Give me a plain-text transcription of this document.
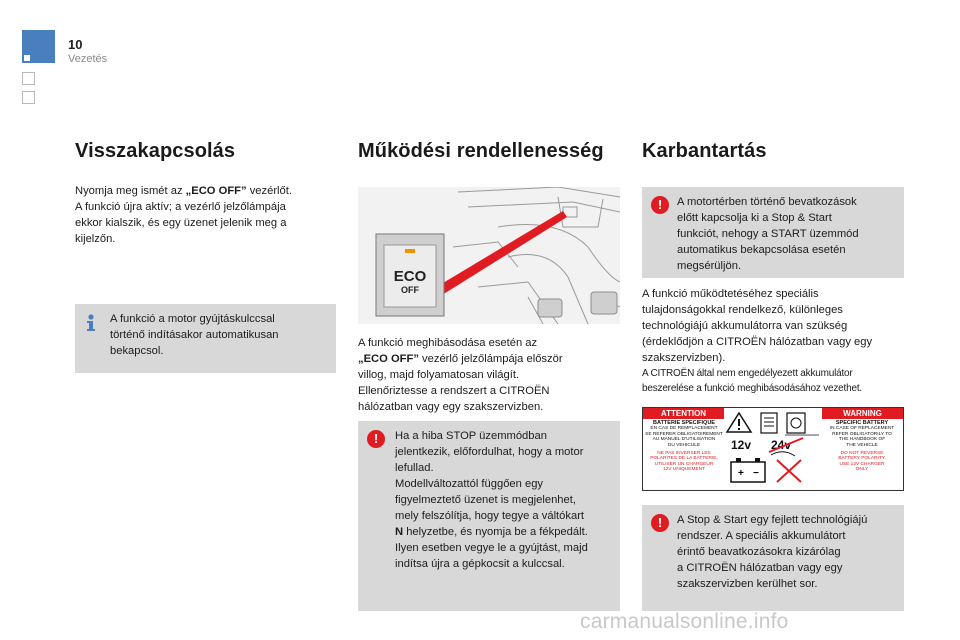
10
Vezetés
Visszakapcsolás
Nyomja meg ismét az „ECO OFF” vezérlőt.
A funkció újra aktív; a vezérlő jelzőlámpája
ekkor kialszik, és egy üzenet jelenik meg a
kijelzőn.
A funkció a motor gyújtáskulccsal
történő indításakor automatikusan
bekapcsol.
Működési rendellenesség
ECO
OFF
A funkció meghibásodása esetén az
„ECO OFF” vezérlő jelzőlámpája először
villog, majd folyamatosan világít.
Ellenőriztesse a rendszert a CITROËN
hálózatban vagy egy szakszervizben.
!	Ha a hiba STOP üzemmódban
jelentkezik, előfordulhat, hogy a motor
lefullad.
Modellváltozattól függően egy
figyelmeztető üzenet is megjelenhet,
mely felszólítja, hogy tegye a váltókart
N helyzetbe, és nyomja be a fékpedált.
Ilyen esetben vegye le a gyújtást, majd
indítsa újra a gépkocsit a kulccsal.
Karbantartás
!	A motortérben történő bevatkozások
előtt kapcsolja ki a Stop & Start
funkciót, nehogy a START üzemmód
automatikus bekapcsolása esetén
megsérüljön.
A funkció működtetéséhez speciális
tulajdonságokkal rendelkező, különleges
technológiájú akkumulátorra van szükség
(érdeklődjön a CITROËN hálózatban vagy egy
szakszervizben).
A CITROËN által nem engedélyezett akkumulátor
beszerelése a funkció meghibásodásához vezethet.
ATTENTION	WARNING
BATTERIE SPECIFIQUE
EN CAS DE REMPLACEMENT
SE REFERER OBLIGATOIREMENT
AU MANUEL D'UTILISATION
DU VEHICULE
NE PAS INVERSER LES
POLARITES DE LA BATTERIE,
UTILISER UN CHARGEUR
12V UNIQUEMENT
SPECIFIC BATTERY
IN CASE OF REPLACEMENT
REFER OBLIGATORILY TO
THE HANDBOOK OF
THE VEHICLE
DO NOT REVERSE
BATTERY POLARITY,
USE 12V CHARGER
ONLY
+ −
12v 24v
!	A Stop & Start egy fejlett technológiájú
rendszer. A speciális akkumulátort
érintő beavatkozásokra kizárólag
a CITROËN hálózatban vagy egy
szakszervizben kerülhet sor.
carmanualsonline.info
